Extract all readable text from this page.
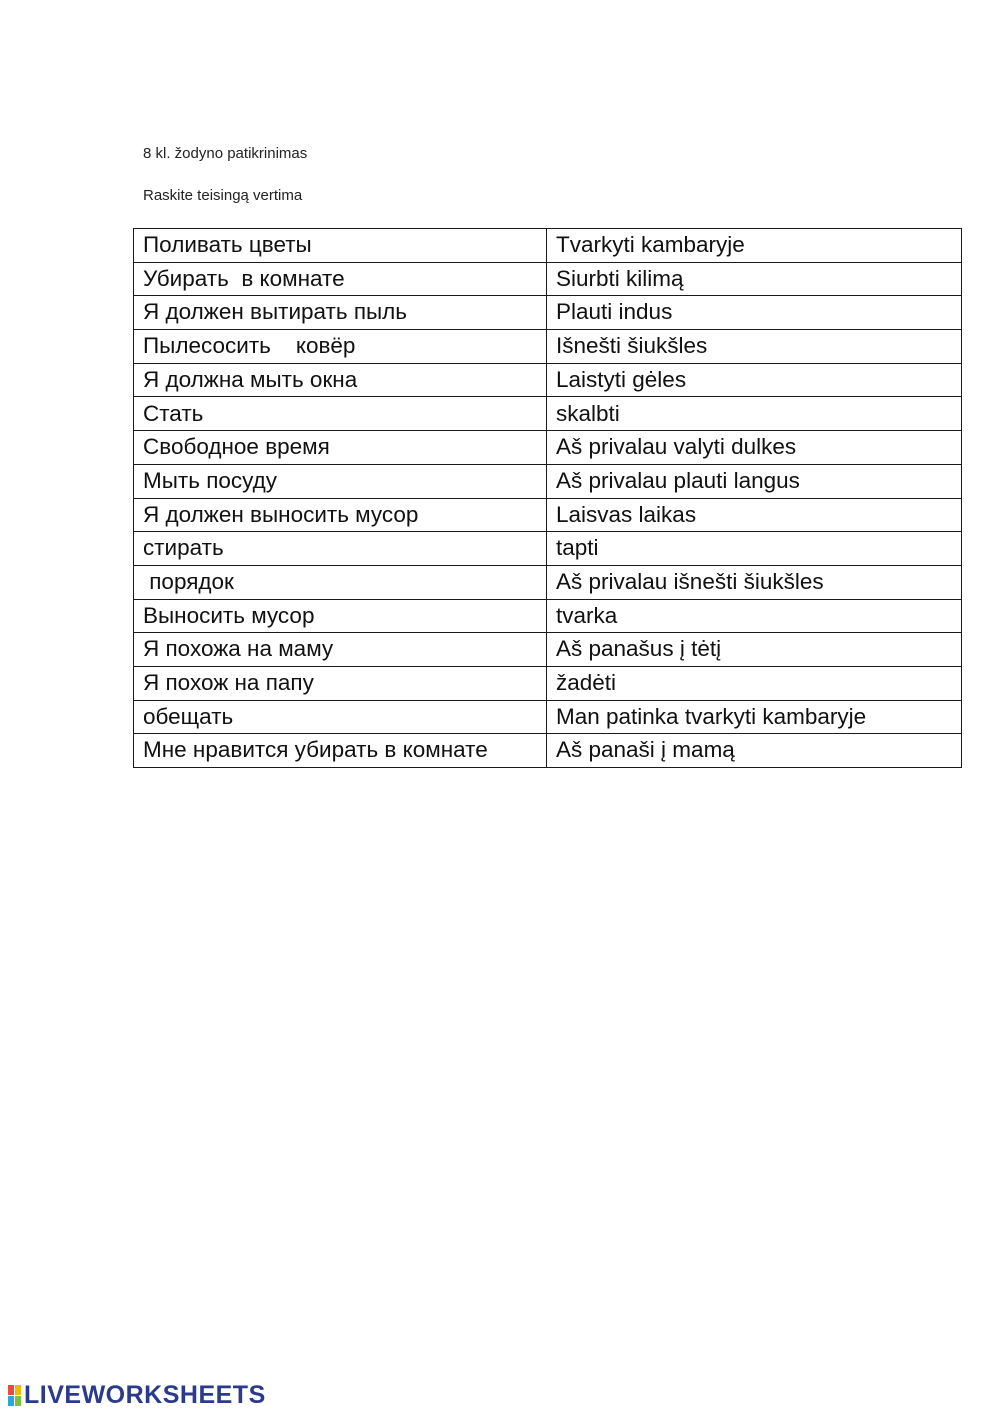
8 kl. žodyno patikrinimas
Raskite teisingą vertima
Поливать цветы	Tvarkyti kambaryje
Убирать  в комнате	Siurbti kilimą
Я должен вытирать пыль	Plauti indus
Пылесосить    ковёр	Išnešti šiukšles
Я должна мыть окна	Laistyti gėles
Стать	skalbti
Свободное время	Aš privalau valyti dulkes
Мыть посуду	Aš privalau plauti langus
Я должен выносить мусор	Laisvas laikas
стирать	tapti
порядок	Aš privalau išnešti šiukšles
Выносить мусор	tvarka
Я похожа на маму	Aš panašus į tėtį
Я похож на папу	žadėti
обещать	Man patinka tvarkyti kambaryje
Мне нравится убирать в комнате	Aš panaši į mamą
LIVEWORKSHEETS
